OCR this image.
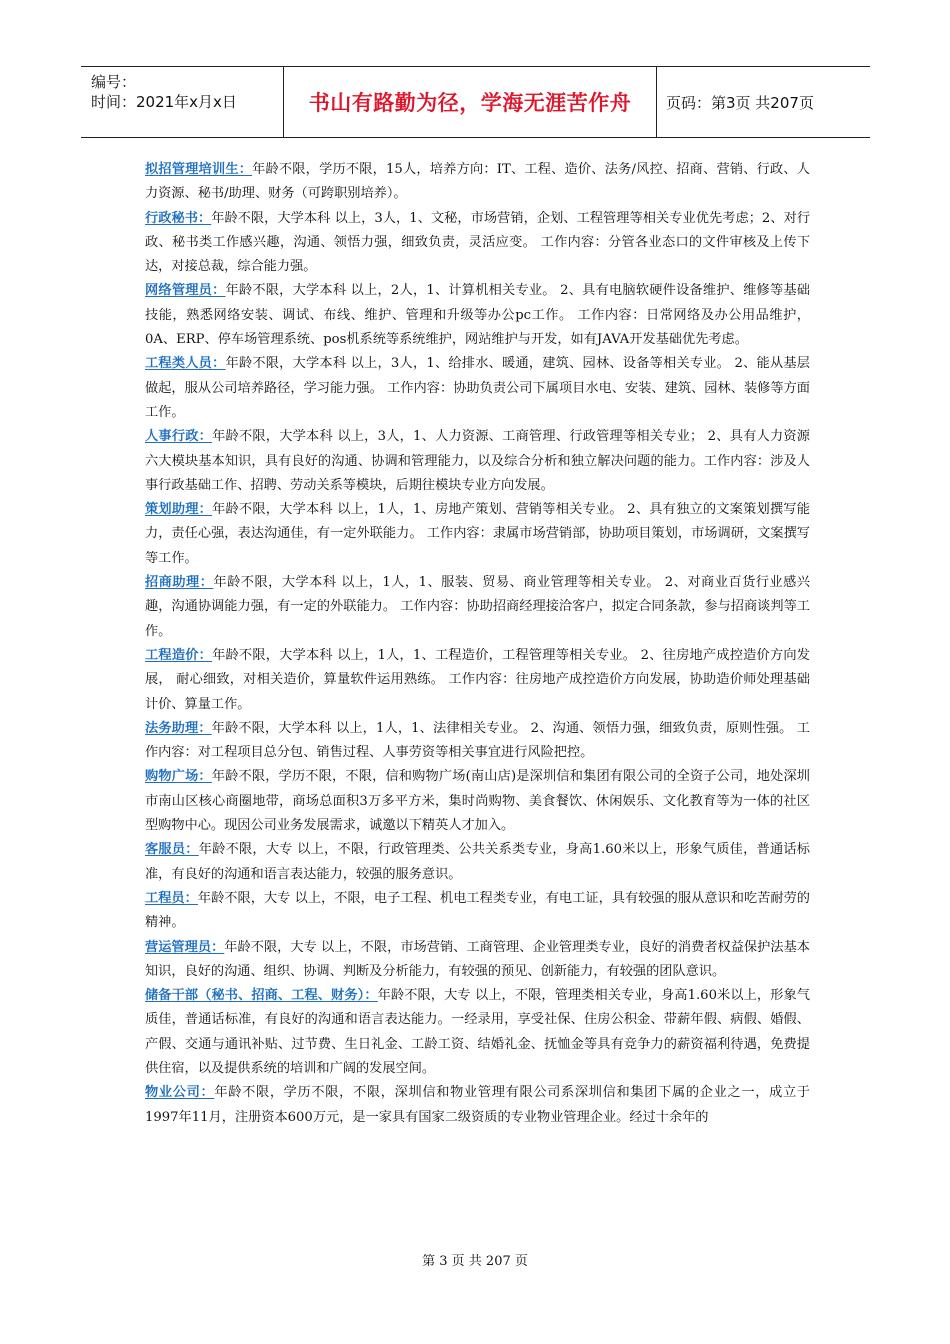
编号：
时间：2021年x月x日	书山有路勤为径，学海无涯苦作舟	页码：第3页 共207页

拟招管理培训生：年龄不限，学历不限，15人，培养方向：IT、工程、造价、法务/风控、招商、营销、行政、人力资源、秘书/助理、财务（可跨职别培养）。

行政秘书：年龄不限，大学本科 以上，3人，1、文秘，市场营销，企划、工程管理等相关专业优先考虑；2、对行政、秘书类工作感兴趣，沟通、领悟力强，细致负责，灵活应变。 工作内容：分管各业态口的文件审核及上传下达，对接总裁，综合能力强。

网络管理员：年龄不限，大学本科 以上，2人，1、计算机相关专业。 2、具有电脑软硬件设备维护、维修等基础技能，熟悉网络安装、调试、布线、维护、管理和升级等办公pc工作。 工作内容：日常网络及办公用品维护，0A、ERP、停车场管理系统、pos机系统等系统维护，网站维护与开发，如有JAVA开发基础优先考虑。

工程类人员：年龄不限，大学本科 以上，3人，1、给排水、暖通，建筑、园林、设备等相关专业。 2、能从基层做起，服从公司培养路径，学习能力强。 工作内容：协助负责公司下属项目水电、安装、建筑、园林、装修等方面工作。

人事行政：年龄不限，大学本科 以上，3人，1、人力资源、工商管理、行政管理等相关专业； 2、具有人力资源六大模块基本知识，具有良好的沟通、协调和管理能力，以及综合分析和独立解决问题的能力。工作内容：涉及人事行政基础工作、招聘、劳动关系等模块，后期往模块专业方向发展。

策划助理：年龄不限，大学本科 以上，1人，1、房地产策划、营销等相关专业。 2、具有独立的文案策划撰写能力，责任心强，表达沟通佳，有一定外联能力。 工作内容：隶属市场营销部，协助项目策划，市场调研，文案撰写等工作。

招商助理：年龄不限，大学本科 以上，1人，1、服装、贸易、商业管理等相关专业。 2、对商业百货行业感兴趣，沟通协调能力强，有一定的外联能力。 工作内容：协助招商经理接洽客户，拟定合同条款，参与招商谈判等工作。

工程造价：年龄不限，大学本科 以上，1人，1、工程造价，工程管理等相关专业。 2、往房地产成控造价方向发展， 耐心细致，对相关造价，算量软件运用熟练。 工作内容：往房地产成控造价方向发展，协助造价师处理基础计价、算量工作。

法务助理：年龄不限，大学本科 以上，1人，1、法律相关专业。 2、沟通、领悟力强，细致负责，原则性强。 工作内容：对工程项目总分包、销售过程、人事劳资等相关事宜进行风险把控。

购物广场：年龄不限，学历不限，不限，信和购物广场(南山店)是深圳信和集团有限公司的全资子公司，地处深圳市南山区核心商圈地带，商场总面积3万多平方米，集时尚购物、美食餐饮、休闲娱乐、文化教育等为一体的社区型购物中心。现因公司业务发展需求，诚邀以下精英人才加入。

客服员：年龄不限，大专 以上，不限，行政管理类、公共关系类专业，身高1.60米以上，形象气质佳，普通话标准，有良好的沟通和语言表达能力，较强的服务意识。

工程员：年龄不限，大专 以上，不限，电子工程、机电工程类专业，有电工证，具有较强的服从意识和吃苦耐劳的精神。

营运管理员：年龄不限，大专 以上，不限，市场营销、工商管理、企业管理类专业，良好的消费者权益保护法基本知识，良好的沟通、组织、协调、判断及分析能力，有较强的预见、创新能力，有较强的团队意识。

储备干部（秘书、招商、工程、财务）：年龄不限，大专 以上，不限，管理类相关专业，身高1.60米以上，形象气质佳，普通话标准，有良好的沟通和语言表达能力。一经录用，享受社保、住房公积金、带薪年假、病假、婚假、产假、交通与通讯补贴、过节费、生日礼金、工龄工资、结婚礼金、抚恤金等具有竞争力的薪资福利待遇，免费提供住宿，以及提供系统的培训和广阔的发展空间。

物业公司：年龄不限，学历不限，不限，深圳信和物业管理有限公司系深圳信和集团下属的企业之一，成立于1997年11月，注册资本600万元，是一家具有国家二级资质的专业物业管理企业。经过十余年的

第 3 页 共 207 页
